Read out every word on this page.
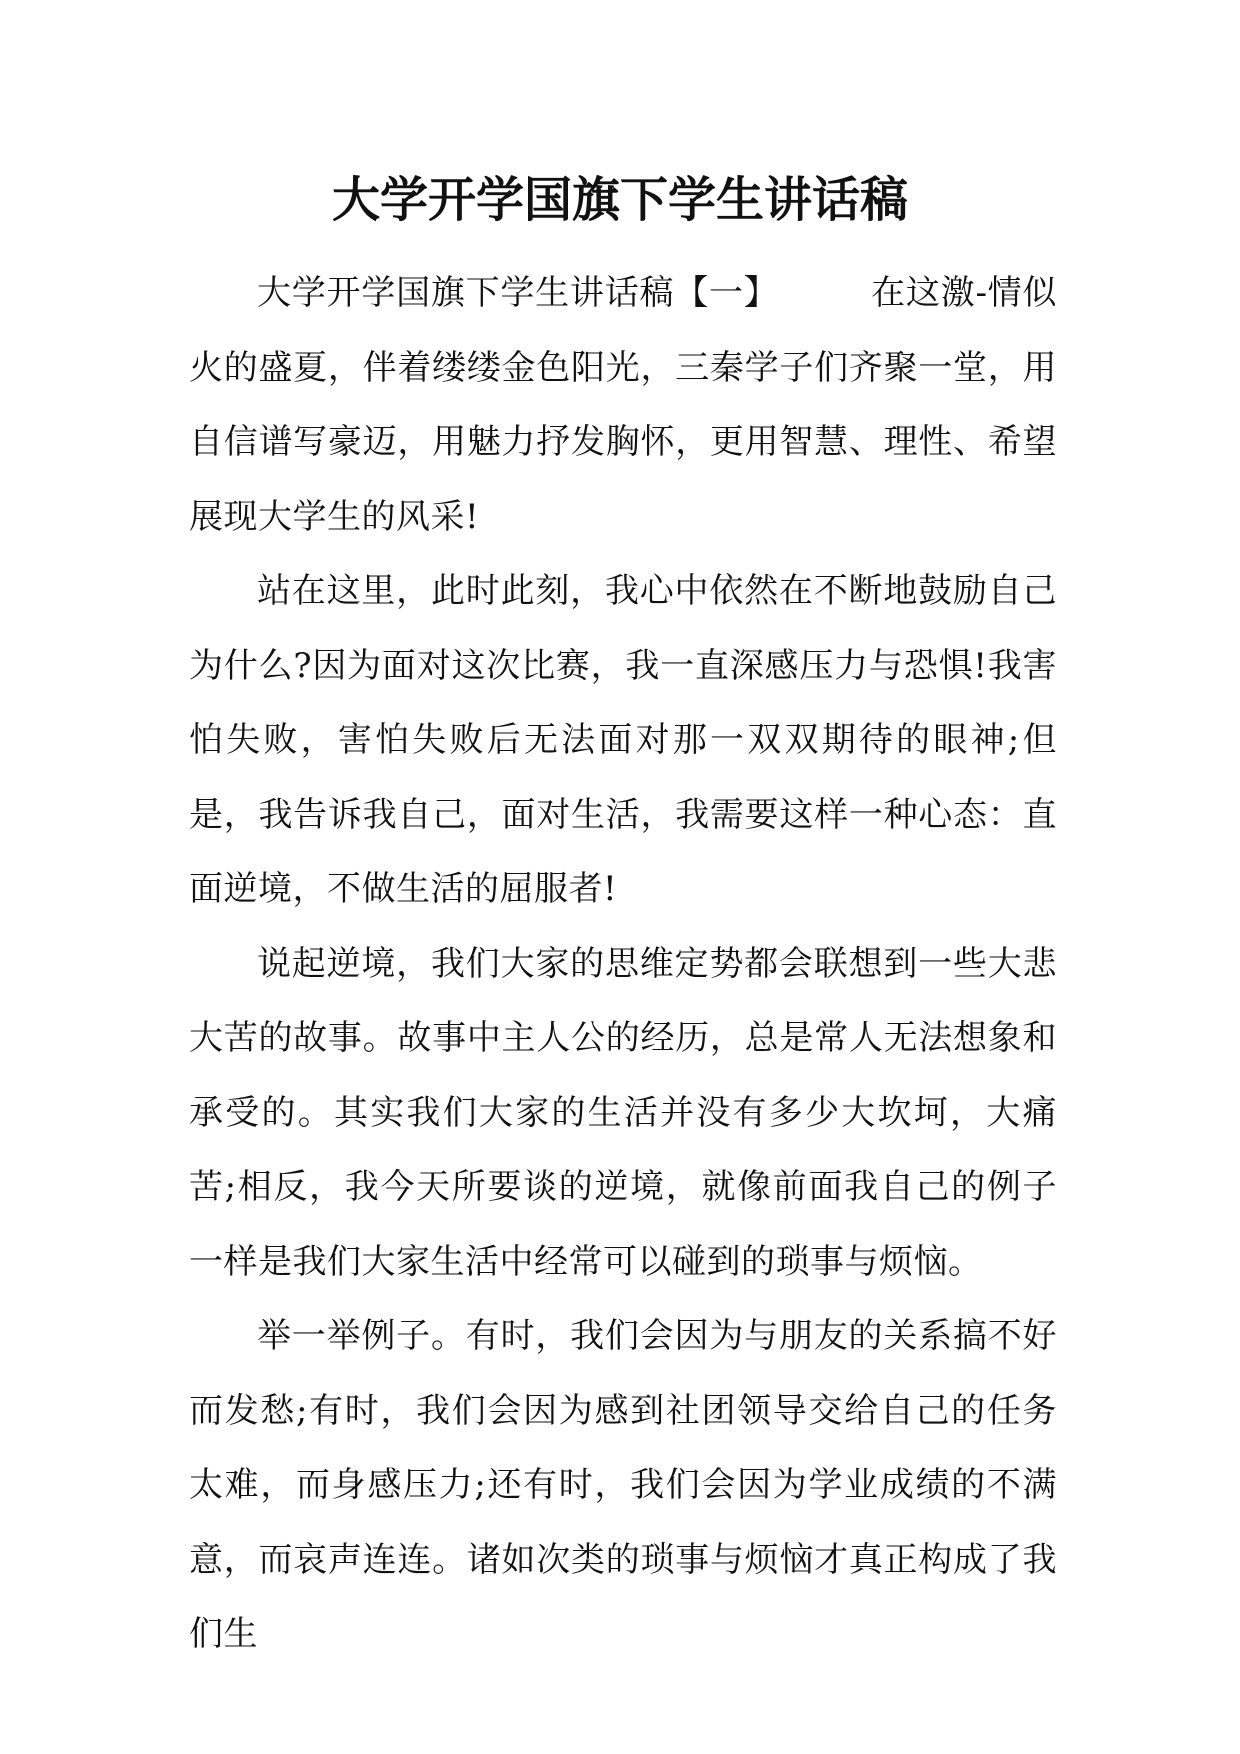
大学开学国旗下学生讲话稿

大学开学国旗下学生讲话稿【一】        在这激-情似火的盛夏，伴着缕缕金色阳光，三秦学子们齐聚一堂，用自信谱写豪迈，用魅力抒发胸怀，更用智慧、理性、希望展现大学生的风采!

站在这里，此时此刻，我心中依然在不断地鼓励自己为什么?因为面对这次比赛，我一直深感压力与恐惧!我害怕失败，害怕失败后无法面对那一双双期待的眼神;但是，我告诉我自己，面对生活，我需要这样一种心态：直面逆境，不做生活的屈服者!

说起逆境，我们大家的思维定势都会联想到一些大悲大苦的故事。故事中主人公的经历，总是常人无法想象和承受的。其实我们大家的生活并没有多少大坎坷，大痛苦;相反，我今天所要谈的逆境，就像前面我自己的例子一样是我们大家生活中经常可以碰到的琐事与烦恼。

举一举例子。有时，我们会因为与朋友的关系搞不好而发愁;有时，我们会因为感到社团领导交给自己的任务太难，而身感压力;还有时，我们会因为学业成绩的不满意，而哀声连连。诸如次类的琐事与烦恼才真正构成了我们生
